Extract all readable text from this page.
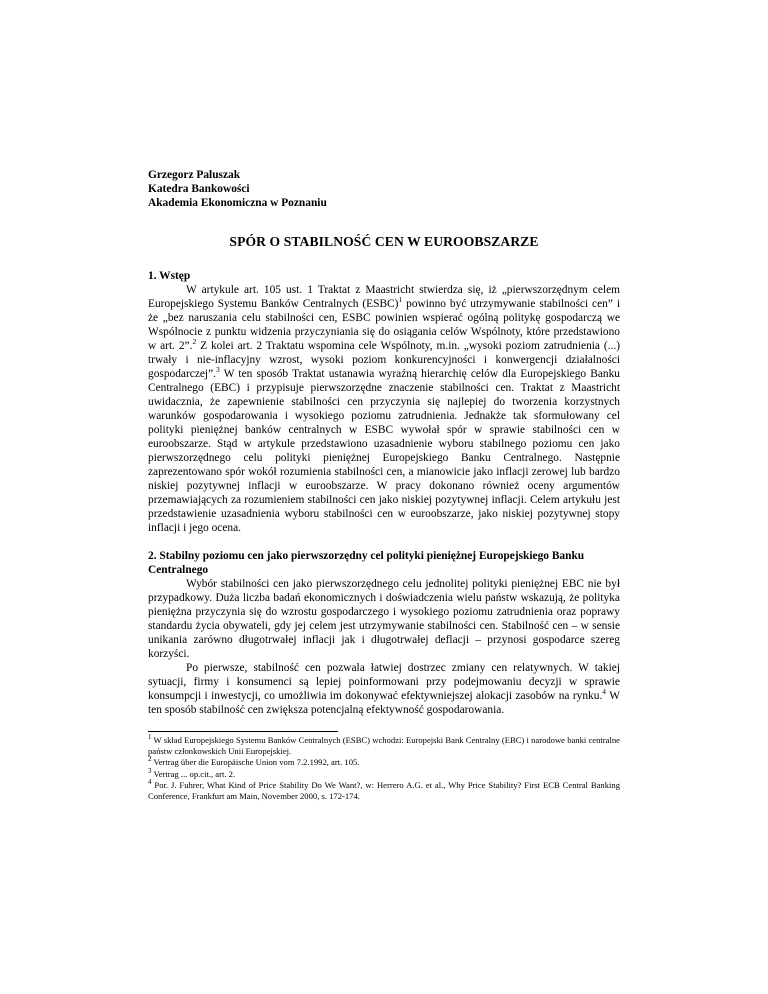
Grzegorz Paluszak

Katedra Bankowości

Akademia Ekonomiczna w Poznaniu

SPÓR O STABILNOŚĆ CEN W EUROOBSZARZE

1. Wstęp

W artykule art. 105 ust. 1 Traktat z Maastricht stwierdza się, iż „pierwszorzędnym celem Europejskiego Systemu Banków Centralnych (ESBC)$^1$ powinno być utrzymywanie stabilności cen” i że „bez naruszania celu stabilności cen, ESBC powinien wspierać ogólną politykę gospodarczą we Wspólnocie z punktu widzenia przyczyniania się do osiągania celów Wspólnoty, które przedstawiono w art. 2”.$^2$ Z kolei art. 2 Traktatu wspomina cele Wspólnoty, m.in. „wysoki poziom zatrudnienia (...) trwały i nie-inflacyjny wzrost, wysoki poziom konkurencyjności i konwergencji działalności gospodarczej”.$^3$ W ten sposób Traktat ustanawia wyraźną hierarchię celów dla Europejskiego Banku Centralnego (EBC) i przypisuje pierwszorzędne znaczenie stabilności cen. Traktat z Maastricht uwidacznia, że zapewnienie stabilności cen przyczynia się najlepiej do tworzenia korzystnych warunków gospodarowania i wysokiego poziomu zatrudnienia. Jednakże tak sformułowany cel polityki pieniężnej banków centralnych w ESBC wywołał spór w sprawie stabilności cen w euroobszarze. Stąd w artykule przedstawiono uzasadnienie wyboru stabilnego poziomu cen jako pierwszorzędnego celu polityki pieniężnej Europejskiego Banku Centralnego. Następnie zaprezentowano spór wokół rozumienia stabilności cen, a mianowicie jako inflacji zerowej lub bardzo niskiej pozytywnej inflacji w euroobszarze. W pracy dokonano również oceny argumentów przemawiających za rozumieniem stabilności cen jako niskiej pozytywnej inflacji. Celem artykułu jest przedstawienie uzasadnienia wyboru stabilności cen w euroobszarze, jako niskiej pozytywnej stopy inflacji i jego ocena.

2. Stabilny poziomu cen jako pierwszorzędny cel polityki pieniężnej Europejskiego Banku Centralnego

Wybór stabilności cen jako pierwszorzędnego celu jednolitej polityki pieniężnej EBC nie był przypadkowy. Duża liczba badań ekonomicznych i doświadczenia wielu państw wskazują, że polityka pieniężna przyczynia się do wzrostu gospodarczego i wysokiego poziomu zatrudnienia oraz poprawy standardu życia obywateli, gdy jej celem jest utrzymywanie stabilności cen. Stabilność cen – w sensie unikania zarówno długotrwałej inflacji jak i długotrwałej deflacji – przynosi gospodarce szereg korzyści.

Po pierwsze, stabilność cen pozwala łatwiej dostrzec zmiany cen relatywnych. W takiej sytuacji, firmy i konsumenci są lepiej poinformowani przy podejmowaniu decyzji w sprawie konsumpcji i inwestycji, co umożliwia im dokonywać efektywniejszej alokacji zasobów na rynku.$^4$ W ten sposób stabilność cen zwiększa potencjalną efektywność gospodarowania.

$^1$ W skład Europejskiego Systemu Banków Centralnych (ESBC) wchodzi: Europejski Bank Centralny (EBC) i narodowe banki centralne państw członkowskich Unii Europejskiej.

$^2$ Vertrag über die Europäische Union vom 7.2.1992, art. 105.

$^3$ Vertrag ... op.cit., art. 2.

$^4$ Por. J. Fuhrer, What Kind of Price Stability Do We Want?, w: Herrero A.G. et al., Why Price Stability? First ECB Central Banking Conference, Frankfurt am Main, November 2000, s. 172-174.
